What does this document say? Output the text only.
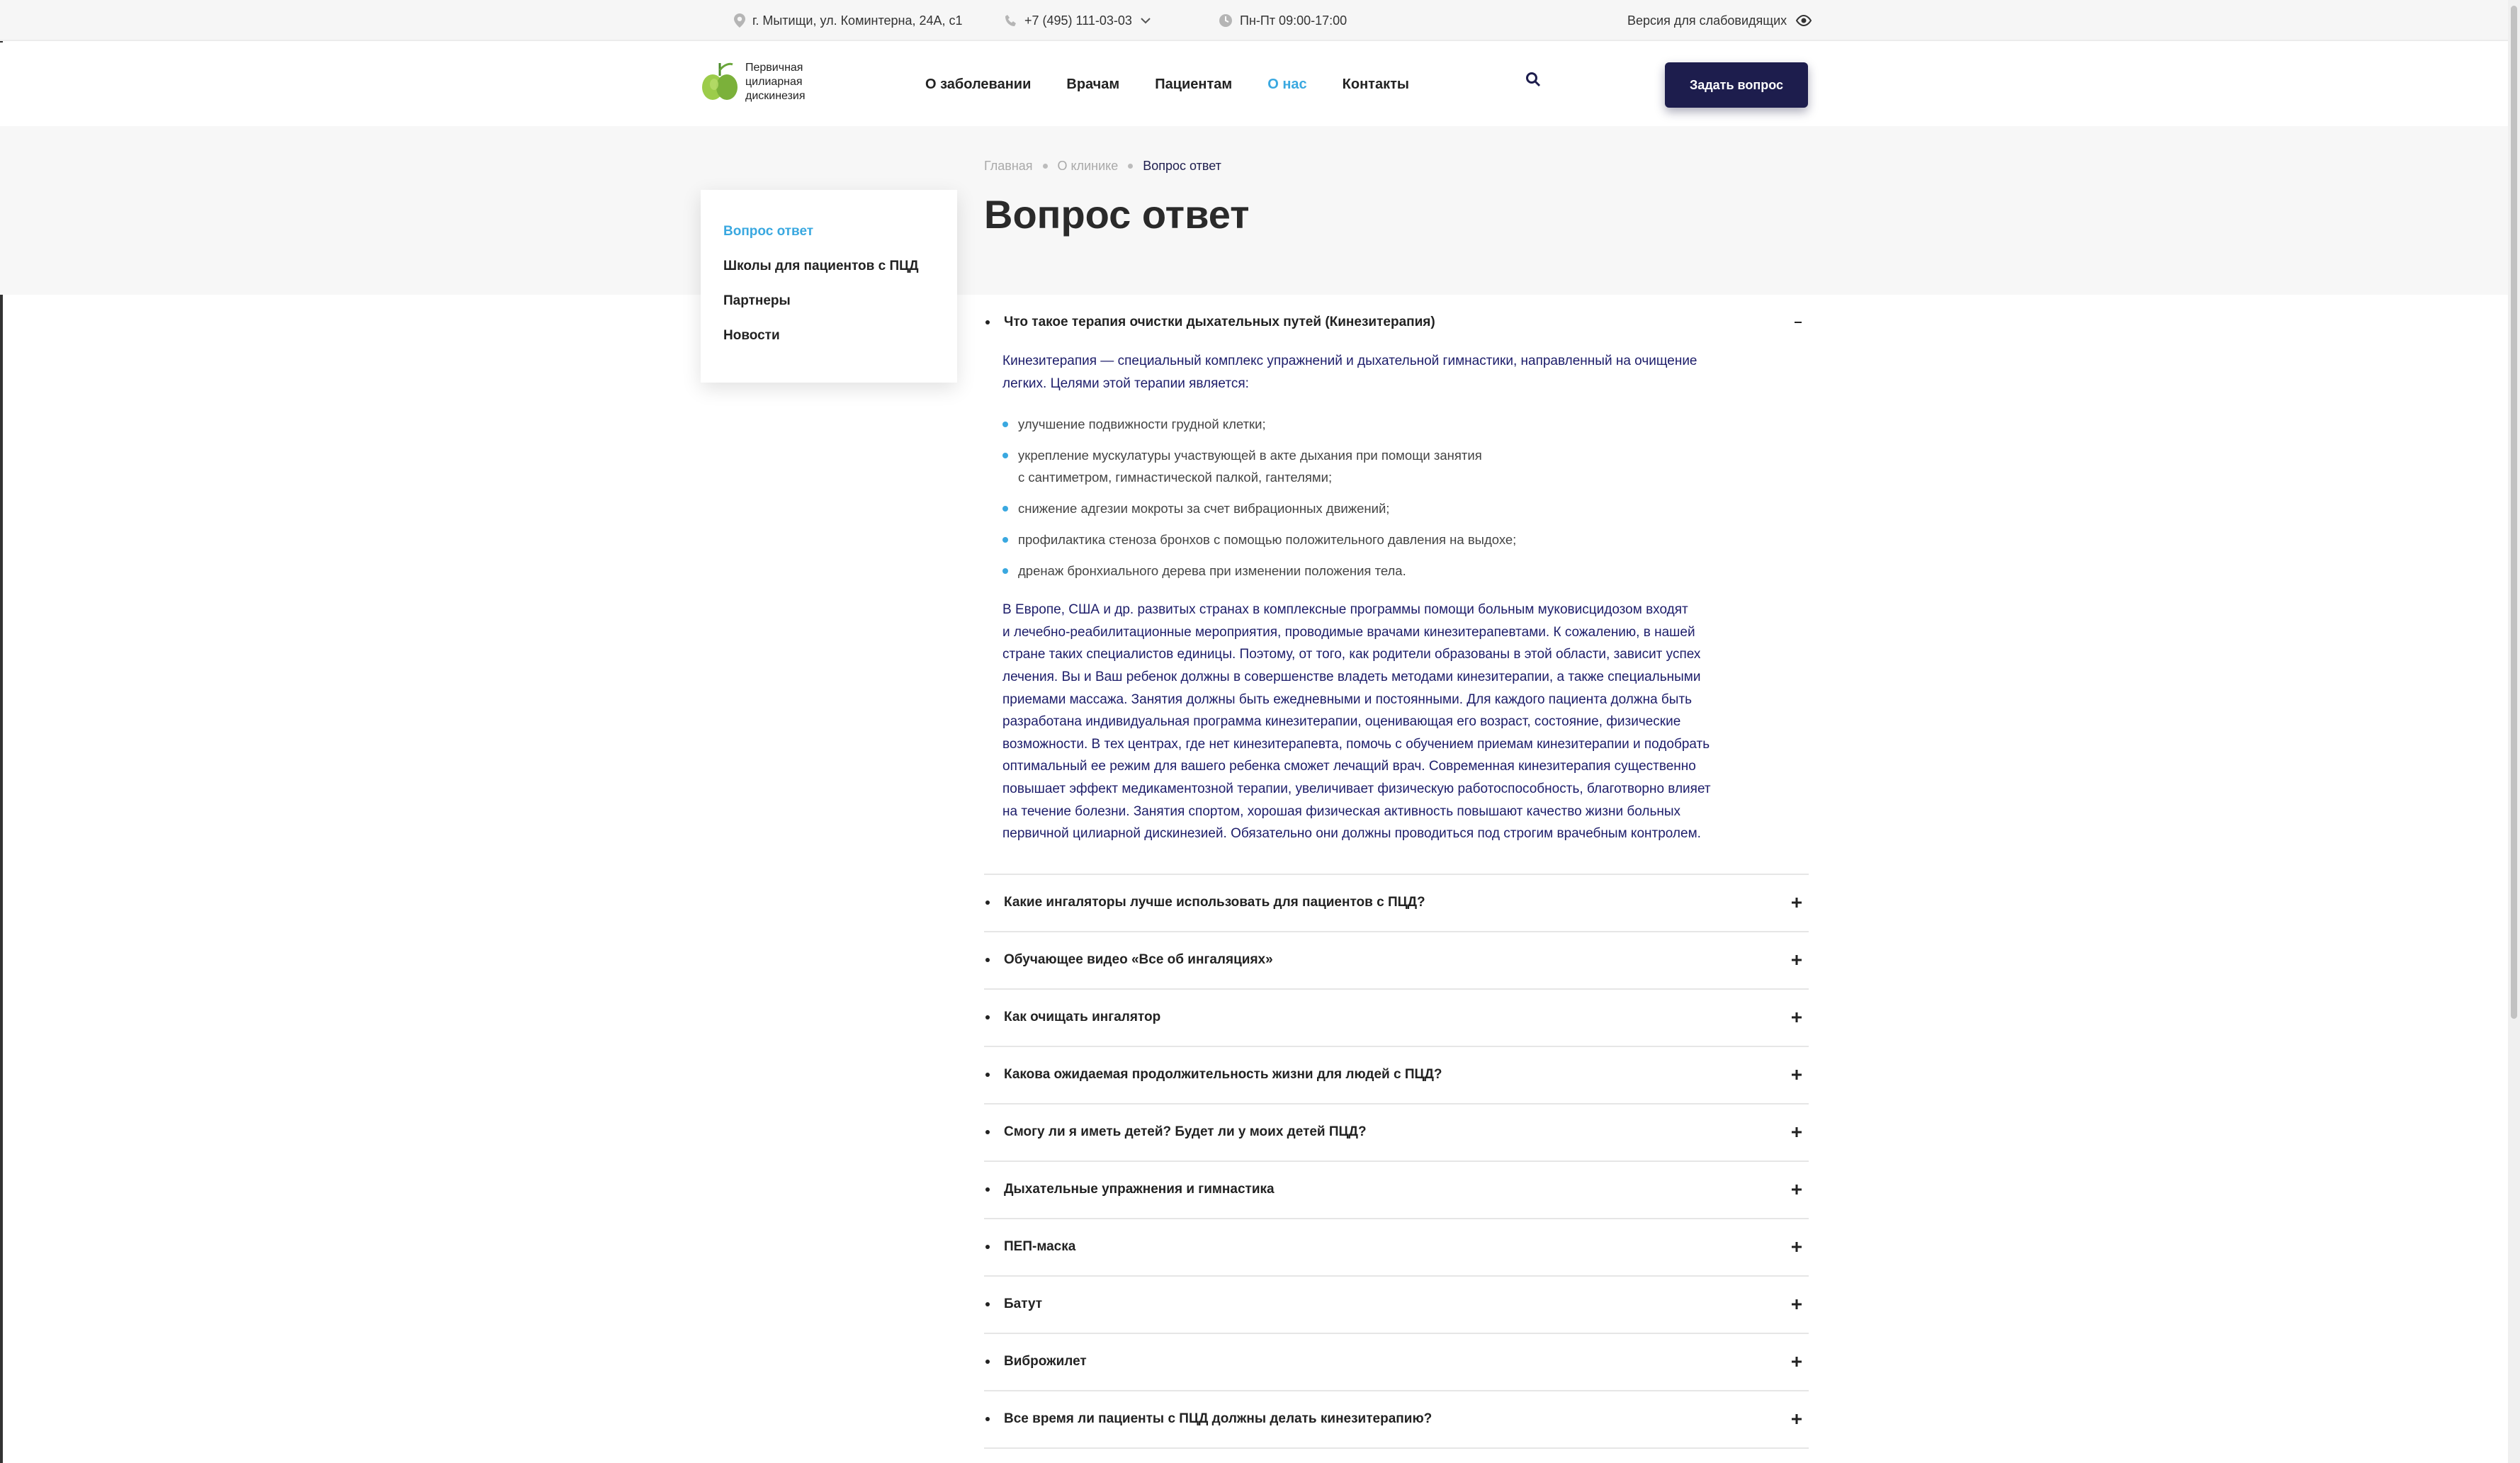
г. Мытищи, ул. Коминтерна, 24А, с1	+7 (495) 111-03-03	Пн-Пт 09:00-17:00	Версия для слабовидящих
Первичная
цилиарная
дискинезия
О заболевании	Врачам	Пациентам	О нас	Контакты	Задать вопрос
Главная О клинике Вопрос ответ
Вопрос ответ
Вопрос ответ
Школы для пациентов с ПЦД
Партнеры
Новости
Что такое терапия очистки дыхательных путей (Кинезитерапия)

Кинезитерапия — специальный комплекс упражнений и дыхательной гимнастики, направленный на очищение

легких. Целями этой терапии является:

улучшение подвижности грудной клетки;
укрепление мускулатуры участвующей в акте дыхания при помощи занятия
с сантиметром, гимнастической палкой, гантелями;
снижение адгезии мокроты за счет вибрационных движений;
профилактика стеноза бронхов с помощью положительного давления на выдохе;
дренаж бронхиального дерева при изменении положения тела.

В Европе, США и др. развитых странах в комплексные программы помощи больным муковисцидозом входят

и лечебно-реабилитационные мероприятия, проводимые врачами кинезитерапевтами. К сожалению, в нашей

стране таких специалистов единицы. Поэтому, от того, как родители образованы в этой области, зависит успех

лечения. Вы и Ваш ребенок должны в совершенстве владеть методами кинезитерапии, а также специальными

приемами массажа. Занятия должны быть ежедневными и постоянными. Для каждого пациента должна быть

разработана индивидуальная программа кинезитерапии, оценивающая его возраст, состояние, физические

возможности. В тех центрах, где нет кинезитерапевта, помочь с обучением приемам кинезитерапии и подобрать

оптимальный ее режим для вашего ребенка сможет лечащий врач. Современная кинезитерапия существенно

повышает эффект медикаментозной терапии, увеличивает физическую работоспособность, благотворно влияет

на течение болезни. Занятия спортом, хорошая физическая активность повышают качество жизни больных

первичной цилиарной дискинезией. Обязательно они должны проводиться под строгим врачебным контролем.

Какие ингаляторы лучше использовать для пациентов с ПЦД?
Обучающее видео «Все об ингаляциях»
Как очищать ингалятор
Какова ожидаемая продолжительность жизни для людей с ПЦД?
Смогу ли я иметь детей? Будет ли у моих детей ПЦД?
Дыхательные упражнения и гимнастика
ПЕП-маска
Батут
Виброжилет
Все время ли пациенты с ПЦД должны делать кинезитерапию?
